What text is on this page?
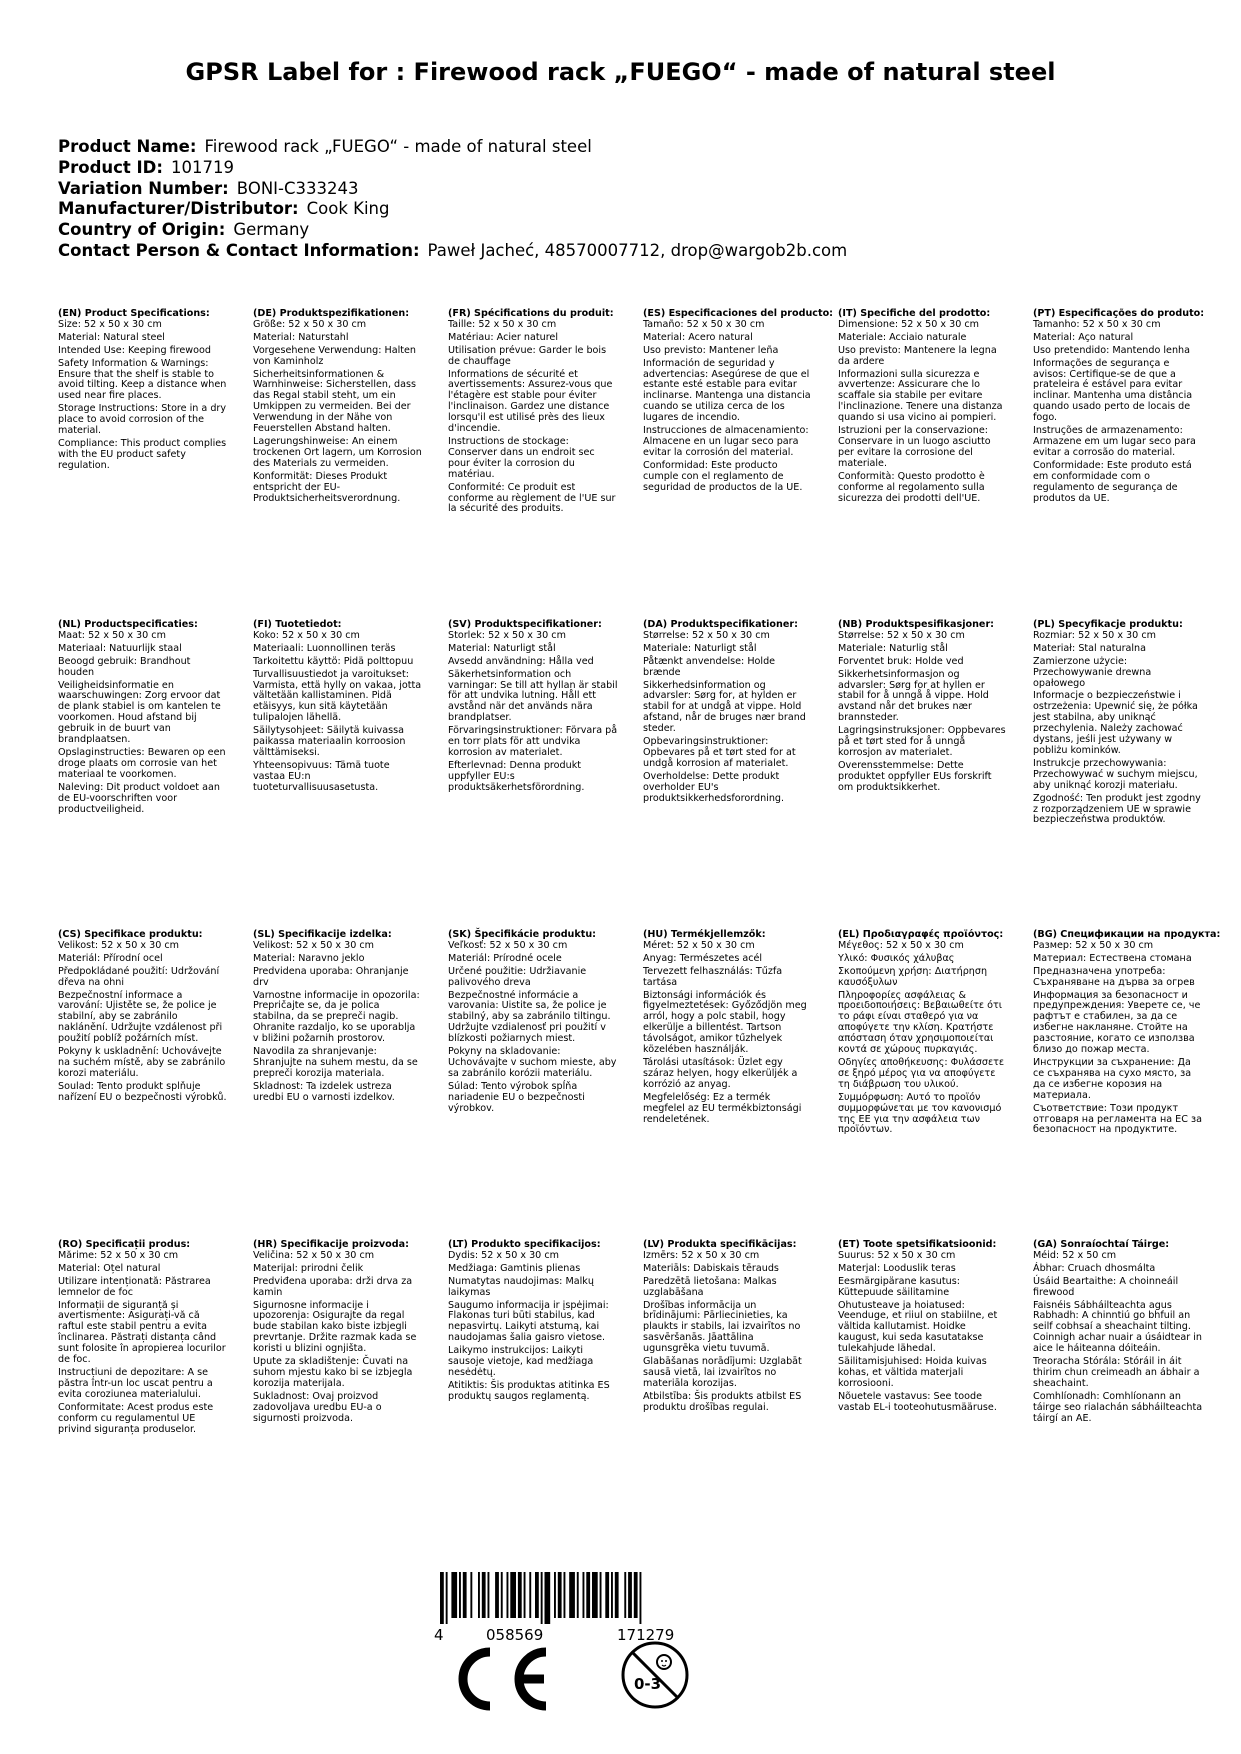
GPSR Label for : Firewood rack „FUEGO“ - made of natural steel
Product Name: Firewood rack „FUEGO“ - made of natural steel
Product ID: 101719
Variation Number: BONI-C333243
Manufacturer/Distributor: Cook King
Country of Origin: Germany
Contact Person & Contact Information: Paweł Jacheć, 48570007712, drop@wargob2b.com
(EN) Product Specifications:

Size: 52 x 50 x 30 cm

Material: Natural steel

Intended Use: Keeping firewood

Safety Information & Warnings: Ensure that the shelf is stable to avoid tilting. Keep a distance when used near fire places.

Storage Instructions: Store in a dry place to avoid corrosion of the material.

Compliance: This product complies with the EU product safety regulation.

(DE) Produktspezifikationen:

Größe: 52 x 50 x 30 cm

Material: Naturstahl

Vorgesehene Verwendung: Halten von Kaminholz

Sicherheitsinformationen & Warnhinweise: Sicherstellen, dass das Regal stabil steht, um ein Umkippen zu vermeiden. Bei der Verwendung in der Nähe von Feuerstellen Abstand halten.

Lagerungshinweise: An einem trockenen Ort lagern, um Korrosion des Materials zu vermeiden.

Konformität: Dieses Produkt entspricht der EU-Produktsicherheitsverordnung.

(FR) Spécifications du produit:

Taille: 52 x 50 x 30 cm

Matériau: Acier naturel

Utilisation prévue: Garder le bois de chauffage

Informations de sécurité et avertissements: Assurez-vous que l'étagère est stable pour éviter l'inclinaison. Gardez une distance lorsqu'il est utilisé près des lieux d'incendie.

Instructions de stockage: Conserver dans un endroit sec pour éviter la corrosion du matériau.

Conformité: Ce produit est conforme au règlement de l'UE sur la sécurité des produits.

(ES) Especificaciones del producto:

Tamaño: 52 x 50 x 30 cm

Material: Acero natural

Uso previsto: Mantener leña

Información de seguridad y advertencias: Asegúrese de que el estante esté estable para evitar inclinarse. Mantenga una distancia cuando se utiliza cerca de los lugares de incendio.

Instrucciones de almacenamiento: Almacene en un lugar seco para evitar la corrosión del material.

Conformidad: Este producto cumple con el reglamento de seguridad de productos de la UE.

(IT) Specifiche del prodotto:

Dimensione: 52 x 50 x 30 cm

Materiale: Acciaio naturale

Uso previsto: Mantenere la legna da ardere

Informazioni sulla sicurezza e avvertenze: Assicurare che lo scaffale sia stabile per evitare l'inclinazione. Tenere una distanza quando si usa vicino ai pompieri.

Istruzioni per la conservazione: Conservare in un luogo asciutto per evitare la corrosione del materiale.

Conformità: Questo prodotto è conforme al regolamento sulla sicurezza dei prodotti dell'UE.

(PT) Especificações do produto:

Tamanho: 52 x 50 x 30 cm

Material: Aço natural

Uso pretendido: Mantendo lenha

Informações de segurança e avisos: Certifique-se de que a prateleira é estável para evitar inclinar. Mantenha uma distância quando usado perto de locais de fogo.

Instruções de armazenamento: Armazene em um lugar seco para evitar a corrosão do material.

Conformidade: Este produto está em conformidade com o regulamento de segurança de produtos da UE.

(NL) Productspecificaties:

Maat: 52 x 50 x 30 cm

Materiaal: Natuurlijk staal

Beoogd gebruik: Brandhout houden

Veiligheidsinformatie en waarschuwingen: Zorg ervoor dat de plank stabiel is om kantelen te voorkomen. Houd afstand bij gebruik in de buurt van brandplaatsen.

Opslaginstructies: Bewaren op een droge plaats om corrosie van het materiaal te voorkomen.

Naleving: Dit product voldoet aan de EU-voorschriften voor productveiligheid.

(FI) Tuotetiedot:

Koko: 52 x 50 x 30 cm

Materiaali: Luonnollinen teräs

Tarkoitettu käyttö: Pidä polttopuu

Turvallisuustiedot ja varoitukset: Varmista, että hylly on vakaa, jotta vältetään kallistaminen. Pidä etäisyys, kun sitä käytetään tulipalojen lähellä.

Säilytysohjeet: Säilytä kuivassa paikassa materiaalin korroosion välttämiseksi.

Yhteensopivuus: Tämä tuote vastaa EU:n tuoteturvallisuusasetusta.

(SV) Produktspecifikationer:

Storlek: 52 x 50 x 30 cm

Material: Naturligt stål

Avsedd användning: Hålla ved

Säkerhetsinformation och varningar: Se till att hyllan är stabil för att undvika lutning. Håll ett avstånd när det används nära brandplatser.

Förvaringsinstruktioner: Förvara på en torr plats för att undvika korrosion av materialet.

Efterlevnad: Denna produkt uppfyller EU:s produktsäkerhetsförordning.

(DA) Produktspecifikationer:

Størrelse: 52 x 50 x 30 cm

Materiale: Naturligt stål

Påtænkt anvendelse: Holde brænde

Sikkerhedsinformation og advarsler: Sørg for, at hylden er stabil for at undgå at vippe. Hold afstand, når de bruges nær brand steder.

Opbevaringsinstruktioner: Opbevares på et tørt sted for at undgå korrosion af materialet.

Overholdelse: Dette produkt overholder EU's produktsikkerhedsforordning.

(NB) Produktspesifikasjoner:

Størrelse: 52 x 50 x 30 cm

Materiale: Naturlig stål

Forventet bruk: Holde ved

Sikkerhetsinformasjon og advarsler: Sørg for at hyllen er stabil for å unngå å vippe. Hold avstand når det brukes nær brannsteder.

Lagringsinstruksjoner: Oppbevares på et tørt sted for å unngå korrosjon av materialet.

Overensstemmelse: Dette produktet oppfyller EUs forskrift om produktsikkerhet.

(PL) Specyfikacje produktu:

Rozmiar: 52 x 50 x 30 cm

Materiał: Stal naturalna

Zamierzone użycie: Przechowywanie drewna opałowego

Informacje o bezpieczeństwie i ostrzeżenia: Upewnić się, że półka jest stabilna, aby uniknąć przechylenia. Należy zachować dystans, jeśli jest używany w pobliżu kominków.

Instrukcje przechowywania: Przechowywać w suchym miejscu, aby uniknąć korozji materiału.

Zgodność: Ten produkt jest zgodny z rozporządzeniem UE w sprawie bezpieczeństwa produktów.

(CS) Specifikace produktu:

Velikost: 52 x 50 x 30 cm

Materiál: Přírodní ocel

Předpokládané použití: Udržování dřeva na ohni

Bezpečnostní informace a varování: Ujistěte se, že police je stabilní, aby se zabránilo naklánění. Udržujte vzdálenost při použití poblíž požárních míst.

Pokyny k uskladnění: Uchovávejte na suchém místě, aby se zabránilo korozi materiálu.

Soulad: Tento produkt splňuje nařízení EU o bezpečnosti výrobků.

(SL) Specifikacije izdelka:

Velikost: 52 x 50 x 30 cm

Material: Naravno jeklo

Predvidena uporaba: Ohranjanje drv

Varnostne informacije in opozorila: Prepričajte se, da je polica stabilna, da se prepreči nagib. Ohranite razdaljo, ko se uporablja v bližini požarnih prostorov.

Navodila za shranjevanje: Shranjujte na suhem mestu, da se prepreči korozija materiala.

Skladnost: Ta izdelek ustreza uredbi EU o varnosti izdelkov.

(SK) Špecifikácie produktu:

Veľkosť: 52 x 50 x 30 cm

Materiál: Prírodné ocele

Určené použitie: Udržiavanie palivového dreva

Bezpečnostné informácie a varovania: Uistite sa, že police je stabilný, aby sa zabránilo tiltingu. Udržujte vzdialenosť pri použití v blízkosti požiarnych miest.

Pokyny na skladovanie: Uchovávajte v suchom mieste, aby sa zabránilo korózii materiálu.

Súlad: Tento výrobok spĺňa nariadenie EU o bezpečnosti výrobkov.

(HU) Termékjellemzők:

Méret: 52 x 50 x 30 cm

Anyag: Természetes acél

Tervezett felhasználás: Tűzfa tartása

Biztonsági információk és figyelmeztetések: Győződjön meg arról, hogy a polc stabil, hogy elkerülje a billentést. Tartson távolságot, amikor tűzhelyek közelében használják.

Tárolási utasítások: Üzlet egy száraz helyen, hogy elkerüljék a korrózió az anyag.

Megfelelőség: Ez a termék megfelel az EU termékbiztonsági rendeletének.

(EL) Προδιαγραφές προϊόντος:

Μέγεθος: 52 x 50 x 30 cm

Υλικό: Φυσικός χάλυβας

Σκοπούμενη χρήση: Διατήρηση καυσόξυλων

Πληροφορίες ασφάλειας & προειδοποιήσεις: Βεβαιωθείτε ότι το ράφι είναι σταθερό για να αποφύγετε την κλίση. Κρατήστε απόσταση όταν χρησιμοποιείται κοντά σε χώρους πυρκαγιάς.

Οδηγίες αποθήκευσης: Φυλάσσετε σε ξηρό μέρος για να αποφύγετε τη διάβρωση του υλικού.

Συμμόρφωση: Αυτό το προϊόν συμμορφώνεται με τον κανονισμό της ΕΕ για την ασφάλεια των προϊόντων.

(BG) Спецификации на продукта:

Размер: 52 x 50 x 30 cm

Материал: Естествена стомана

Предназначена употреба: Съхраняване на дърва за огрев

Информация за безопасност и предупреждения: Уверете се, че рафтът е стабилен, за да се избегне накланяне. Стойте на разстояние, когато се използва близо до пожар места.

Инструкции за съхранение: Да се съхранява на сухо място, за да се избегне корозия на материала.

Съответствие: Този продукт отговаря на регламента на ЕС за безопасност на продуктите.

(RO) Specificații produs:

Mărime: 52 x 50 x 30 cm

Material: Oțel natural

Utilizare intenționată: Păstrarea lemnelor de foc

Informații de siguranță și avertismente: Asigurați-vă că raftul este stabil pentru a evita înclinarea. Păstrați distanța când sunt folosite în apropierea locurilor de foc.

Instrucțiuni de depozitare: A se păstra într-un loc uscat pentru a evita coroziunea materialului.

Conformitate: Acest produs este conform cu regulamentul UE privind siguranța produselor.

(HR) Specifikacije proizvoda:

Veličina: 52 x 50 x 30 cm

Materijal: prirodni čelik

Predviđena uporaba: drži drva za kamin

Sigurnosne informacije i upozorenja: Osigurajte da regal bude stabilan kako biste izbjegli prevrtanje. Držite razmak kada se koristi u blizini ognjišta.

Upute za skladištenje: Čuvati na suhom mjestu kako bi se izbjegla korozija materijala.

Sukladnost: Ovaj proizvod zadovoljava uredbu EU-a o sigurnosti proizvoda.

(LT) Produkto specifikacijos:

Dydis: 52 x 50 x 30 cm

Medžiaga: Gamtinis plienas

Numatytas naudojimas: Malkų laikymas

Saugumo informacija ir įspėjimai: Flakonas turi būti stabilus, kad nepasvirtų. Laikyti atstumą, kai naudojamas šalia gaisro vietose.

Laikymo instrukcijos: Laikyti sausoje vietoje, kad medžiaga nesėdėtų.

Atitiktis: Šis produktas atitinka ES produktų saugos reglamentą.

(LV) Produkta specifikācijas:

Izmērs: 52 x 50 x 30 cm

Materiāls: Dabiskais tērauds

Paredzētā lietošana: Malkas uzglabāšana

Drošības informācija un brīdinājumi: Pārliecinieties, ka plaukts ir stabils, lai izvairītos no sasvēršanās. Jāattālina ugunsgrēka vietu tuvumā.

Glabāšanas norādījumi: Uzglabāt sausā vietā, lai izvairītos no materiāla korozijas.

Atbilstība: Šis produkts atbilst ES produktu drošības regulai.

(ET) Toote spetsifikatsioonid:

Suurus: 52 x 50 x 30 cm

Materjal: Looduslik teras

Eesmärgipärane kasutus: Küttepuude säilitamine

Ohutusteave ja hoiatused: Veenduge, et riiul on stabiilne, et vältida kallutamist. Hoidke kaugust, kui seda kasutatakse tulekahjude lähedal.

Säilitamisjuhised: Hoida kuivas kohas, et vältida materjali korrosiooni.

Nõuetele vastavus: See toode vastab EL-i tooteohutusmääruse.

(GA) Sonraíochtaí Táirge:

Méid: 52 x 50 cm

Ábhar: Cruach dhosmálta

Úsáid Beartaithe: A choinneáil firewood

Faisnéis Sábháilteachta agus Rabhadh: A chinntiú go bhfuil an seilf cobhsaí a sheachaint tilting. Coinnigh achar nuair a úsáidtear in aice le háiteanna dóiteáin.

Treoracha Stórála: Stóráil in áit thirim chun creimeadh an ábhair a sheachaint.

Comhlíonadh: Comhlíonann an táirge seo rialachán sábháilteachta táirgí an AE.

4	058569	171279
0-3
